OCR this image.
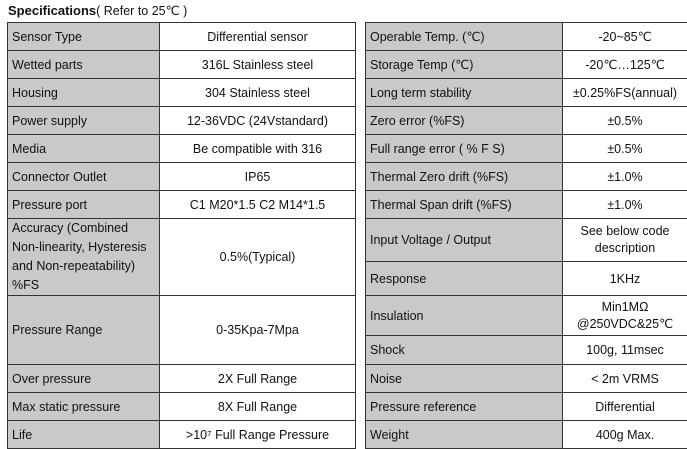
Specifications( Refer to 25℃ )
Sensor Type	Differential sensor		Operable Temp. (℃)	-20~85℃
Wetted parts	316L Stainless steel		Storage Temp (℃)	-20℃…125℃
Housing	304 Stainless steel		Long term stability	±0.25%FS(annual)
Power supply	12-36VDC (24Vstandard)		Zero error (%FS)	±0.5%
Media	Be compatible with 316		Full range error ( % F S)	±0.5%
Connector Outlet	IP65		Thermal Zero drift (%FS)	±1.0%
Pressure port	C1 M20*1.5 C2 M14*1.5		Thermal Span drift (%FS)	±1.0%
Accuracy (Combined Non-linearity, Hysteresis and Non-repeatability) %FS	0.5%(Typical)		Input Voltage / Output	See below code description
			Response	1KHz
Pressure Range	0-35Kpa-7Mpa		Insulation	Min1MΩ @250VDC&25℃
			Shock	100g, 11msec
Over pressure	2X Full Range		Noise	< 2m VRMS
Max static pressure	8X Full Range		Pressure reference	Differential
Life	>10⁷ Full Range Pressure		Weight	400g Max.
